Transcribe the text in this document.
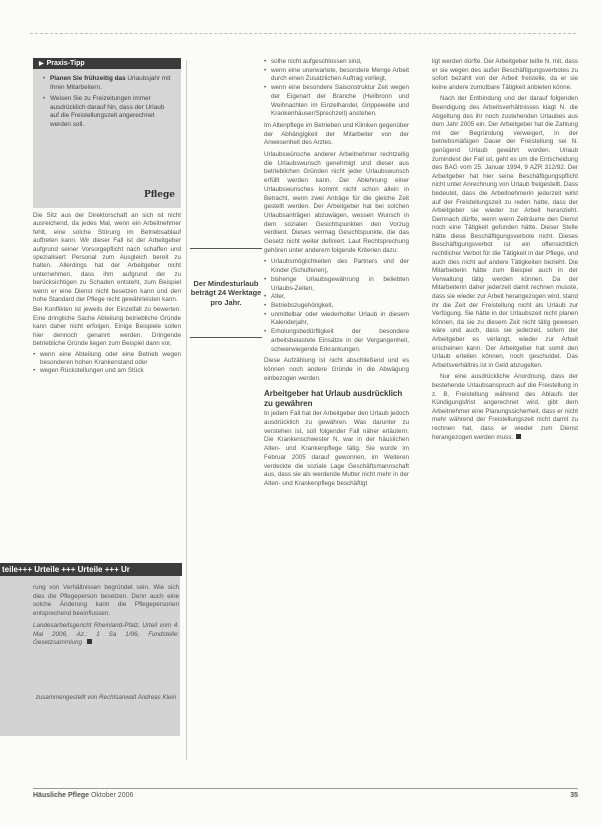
▶ Praxis-Tipp
• Planen Sie frühzeitig das Urlaubsjahr mit Ihren Mitarbeitern.
• Weisen Sie zu Freizeitungen immer ausdrücklich darauf hin, dass der Urlaub auf die Freistellungszeit angerechnet werden soll.
Pflege

Die Sitz aus der Direktorschaft an sich ist nicht ausreichend, da jedes Mal, wenn ein Arbeitnehmer fehlt, eine solche Störung im Betriebsablauf auftreten kann. Wir dieser Fall ist der Arbeitgeber aufgrund seiner Vorsorgepflicht nach schaffen und spezialisiert Personal zum Ausgleich bereit zu halten. Allerdings hat der Arbeitgeber nicht unternehmen, dass ihm aufgrund der zu berücksichtigen zu Schaden entsteht, zum Beispiel wenn er eine Dienst nicht besetzen kann und den hohe Standard der Pflege nicht gewährleisten kann.

Bei Konflikten ist jeweils der Einzelfall zu bewerten. Eine dringliche Sache Abteilung betriebliche Gründe kann daher nicht erfolgen. Einige Beispiele sollen hier dennoch genannt werden. Dringende betriebliche Gründe liegen zum Beispiel dann vor,

• wenn eine Abteilung oder eine Betrieb wegen besonderen hohen Krankenstand oder
• wegen Rückstellungen und am Stück
teile+++ Urteile +++ Urteile +++ Ur

rung von Verhältnissen begründet sein. Wie sich dies die Pflegeperson besetzen. Denn auch eine solche Änderung kann die Pflegepersonen entsprechend beeinflussen.

Landesarbeitsgericht Rheinland-Pfalz, Urteil vom 4. Mai 2006, Az.: 1 Sa 1/06, Fundstelle: Gesetzsammlung

zusammengestellt von Rechtsanwalt Andreas Klein
Der Mindesturlaub beträgt 24 Werktage pro Jahr.
• solhe nicht aufgeschlossen sind,
• wenn eine unerwartete, besondere Menge Arbeit durch einen Zusatzlichen Auftrag vorliegt,
• wenn eine besondere Saisonstruktur Zeit wegen der Eigenart der Branche (Heilbronn und Weihnachten im Einzelhandel, Grippewelle und Krankenhäuser/Sprechzeit) anstehen.

Im Altenpflege im Betrieben und Kliniken gegenüber der Abhängigkeit der Mitarbeiter von der Anwesenheit des Arztes.

Urlaubswünsche anderer Arbeitnehmer rechtzeitig die Urlaubswunsch genehmigt und dieser aus betrieblichen Gründen nicht jeder Urlaubswunsch erfüllt werden kann. Der Ablehnung einer Urlaubswunsches kommt nicht schon allein in Betracht, wenn zwei Anträge für die gleiche Zeit gestellt werden. Der Arbeitgeber hat bei solchen Urlaubsanträgen abzuwägen, wessen Wunsch in dem sozialen Gesichtspunkten den Vorzug verdient. Dieses vermag Gesichtspunkte, die das Gesetz nicht weiter definiert. Laut Rechtsprechung gehören unter anderem folgende Kriterien dazu:

• Urlaubsmöglichkeiten des Partners und der Kinder (Schulferien),
• bisherige Urlaubsgewährung in beliebten Urlaubs-Zeiten,
• Alter,
• Betriebszugehörigkeit,
• unmittelbar oder wiederholter Urlaub in diesem Kalenderjahr,
• Erholungsbedürftigkeit der besondere arbeitsbelastete Einsätze in der Vergangenheit, schwerwiegende Erkrankungen.

Diese Aufzählung ist nicht abschließend und es können noch andere Gründe in die Abwägung einbezogen werden.

Arbeitgeber hat Urlaub ausdrücklich zu gewähren

In jedem Fall hat der Arbeitgeber den Urlaub jedoch ausdrücklich zu gewähren. Was darunter zu verstehen ist, soll folgender Fall näher erläutern: Die Krankenschwester N. war in der häuslichen Alten- und Krankenpflege tätig. Sie wurde im Februar 2005 darauf gewonnen, im Weiteren verdeckte die soziale Lage Geschäftsmannschaft aus, dass sie als werdende Mutter nicht mehr in der Alten- und Krankenpflege beschäftigt

ligt werden dürfte. Der Arbeitgeber teilte N. mit, dass er sie wegen des außer Beschäftigungsverbotes zu sofort bezahlt von der Arbeit freistelle, da er sie keine andere zumutbare Tätigkeit anbieten könne.

Nach der Entbindung und der darauf folgenden Beendigung des Arbeitsverhältnisses klagt N. die Abgeltung des ihr noch zustehenden Urlaubes aus dem Jahr 2005 ein. Der Arbeitgeber hat die Zahlung mit der Begründung verweigert, in der betriebsmäßigen Dauer der Freistellung sei N. genügend Urlaub gewährt worden. Urlaub zumindest der Fall ist, geht es um die Entscheidung des BAG vom 25. Januar 1994, 9 AZR 312/92. Der Arbeitgeber hat hier seine Beschäftigungspflicht nicht unter Anrechnung von Urlaub freigestellt. Dass bedeutet, dass die Arbeitnehmerin jederzeit wirkt auf der Freistellungszeit zu reden hatte, dass der Arbeitgeber sie wieder zur Arbeit heranzieht. Demnach dürfte, wenn wenn Zeiträume den Dienst noch eine Tätigkeit gefunden hätte. Dieser Stelle hätte diese Beschäftigungsverbote nicht. Dieses Beschäftigungsverbot ist ein offensichtlich rechtlicher Verbot für die Tätigkeit in der Pflege, und auch dies nicht auf andere Tätigkeiten bezieht. Die Mitarbeiterin hätte zum Beispiel auch in der Verwaltung tätig werden können. Da der Mitarbeiterin daher jederzeit damit rechnen musste, dass sie wieder zur Arbeit herangezogen wird, stand ihr die Zeit der Freistellung nicht als Urlaub zur Verfügung. Sie hätte in der Urlaubszeit nicht planen können, da sie zu diesem Zeit nicht tätig gewesen wäre und auch, dass sie jederzeit, sofern der Arbeitgeber es verlangt, wieder zur Arbeit erscheinen kann. Der Arbeitgeber hat somit den Urlaub erteilen können, noch geschuldet. Das Arbeitsverhältnis ist in Geld abzugelten.

Nur eine ausdrückliche Anordnung, dass der bestehende Urlaubsanspruch auf die Freistellung in z. B. Freistellung während des Ablaufs der Kündigungsfrist angerechnet wird, gibt dem Arbeitnehmer eine Planungssicherheit, dass er nicht mehr während der Freistellungszeit nicht damit zu rechnen hat, dass er wieder zum Dienst herangezogen werden muss.

Häusliche Pflege Oktober 2006	35
